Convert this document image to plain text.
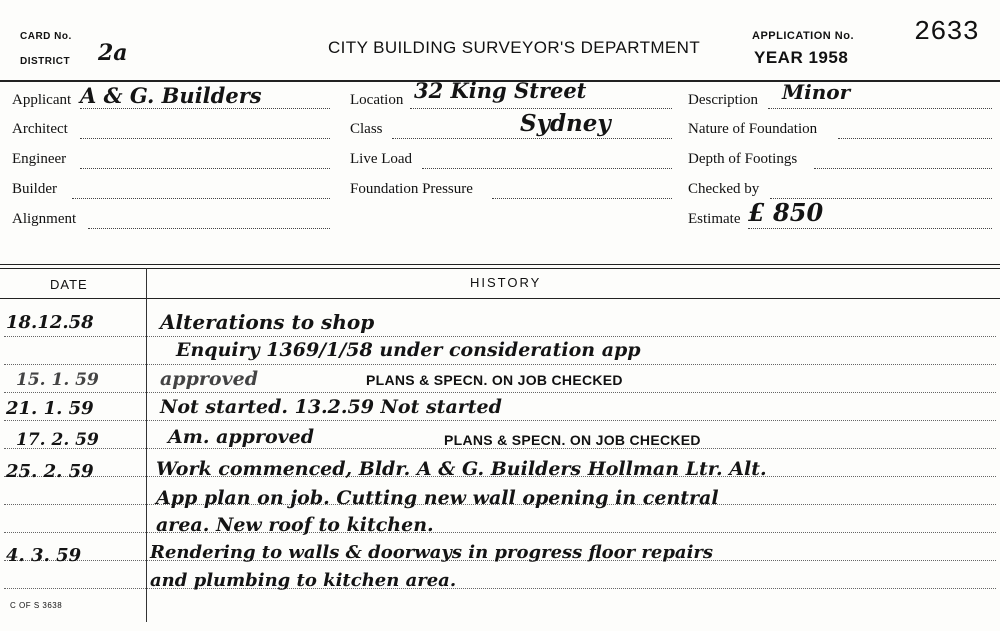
CARD No.
DISTRICT 2a	CITY BUILDING SURVEYOR'S DEPARTMENT
APPLICATION No. 2633
YEAR 1958
Applicant A & G. Builders
Architect
Engineer
Builder
Alignment
Location 32 King Street
Class	Sydney
Live Load
Foundation Pressure
Description Minor
Nature of Foundation
Depth of Footings
Checked by
Estimate £ 850
DATE	HISTORY
18.12.58	Alterations to shop
Enquiry 1369/1/58 under consideration app
15. 1. 59	approved	PLANS & SPECN. ON JOB CHECKED
21. 1. 59	Not started. 13.2.59 Not started
17. 2. 59	Am. approved	PLANS & SPECN. ON JOB CHECKED
25. 2. 59	Work commenced, Bldr. A & G. Builders Hollman Ltr. Alt.
App plan on job. Cutting new wall opening in central
area. New roof to kitchen.
4. 3. 59	Rendering to walls & doorways in progress floor repairs
and plumbing to kitchen area.
C OF S 3638
